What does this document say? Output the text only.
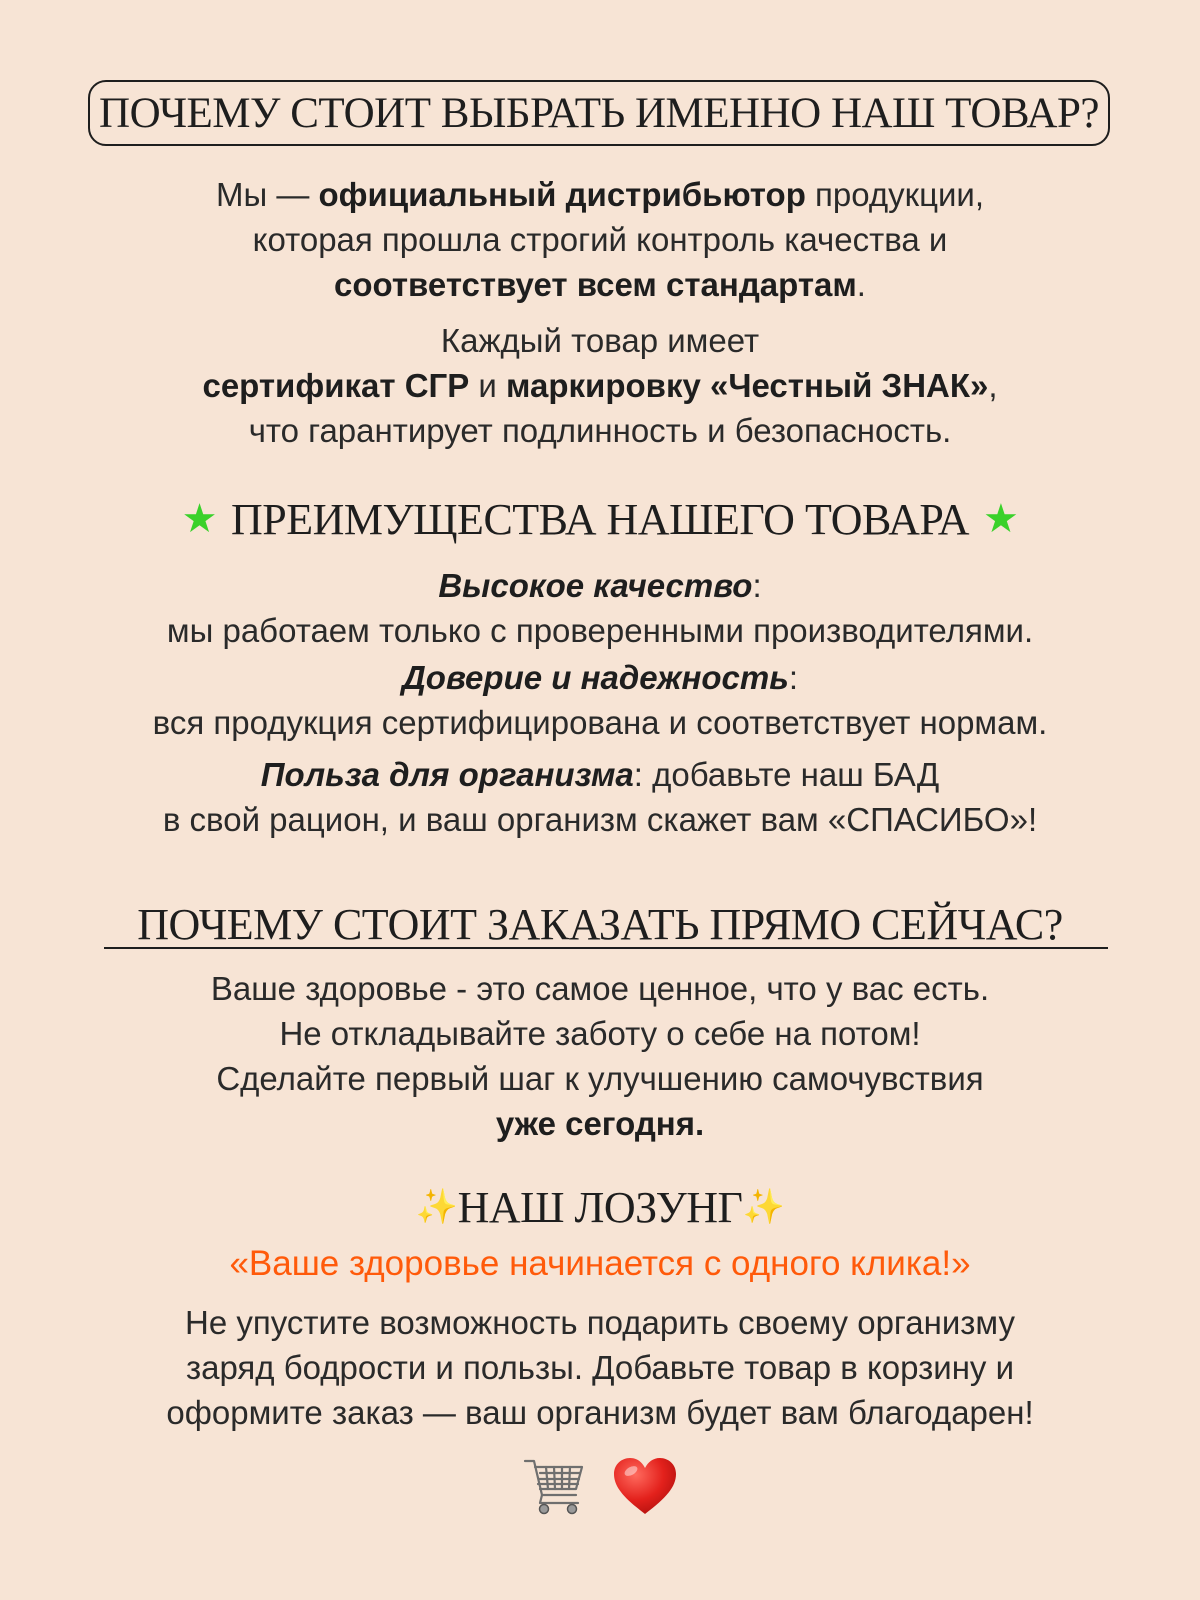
ПОЧЕМУ СТОИТ ВЫБРАТЬ ИМЕННО НАШ ТОВАР?
Мы — официальный дистрибьютор продукции,
которая прошла строгий контроль качества и
соответствует всем стандартам.
Каждый товар имеет
сертификат СГР и маркировку «Честный ЗНАК»,
что гарантирует подлинность и безопасность.
★ ПРЕИМУЩЕСТВА НАШЕГО ТОВАРА ★
Высокое качество:
мы работаем только с проверенными производителями.
Доверие и надежность:
вся продукция сертифицирована и соответствует нормам.
Польза для организма: добавьте наш БАД
в свой рацион, и ваш организм скажет вам «СПАСИБО»!
ПОЧЕМУ СТОИТ ЗАКАЗАТЬ ПРЯМО СЕЙЧАС?
Ваше здоровье - это самое ценное, что у вас есть.
Не откладывайте заботу о себе на потом!
Сделайте первый шаг к улучшению самочувствия
уже сегодня.
✨НАШ ЛОЗУНГ✨
«Ваше здоровье начинается с одного клика!»
Не упустите возможность подарить своему организму
заряд бодрости и пользы. Добавьте товар в корзину и
оформите заказ — ваш организм будет вам благодарен!
